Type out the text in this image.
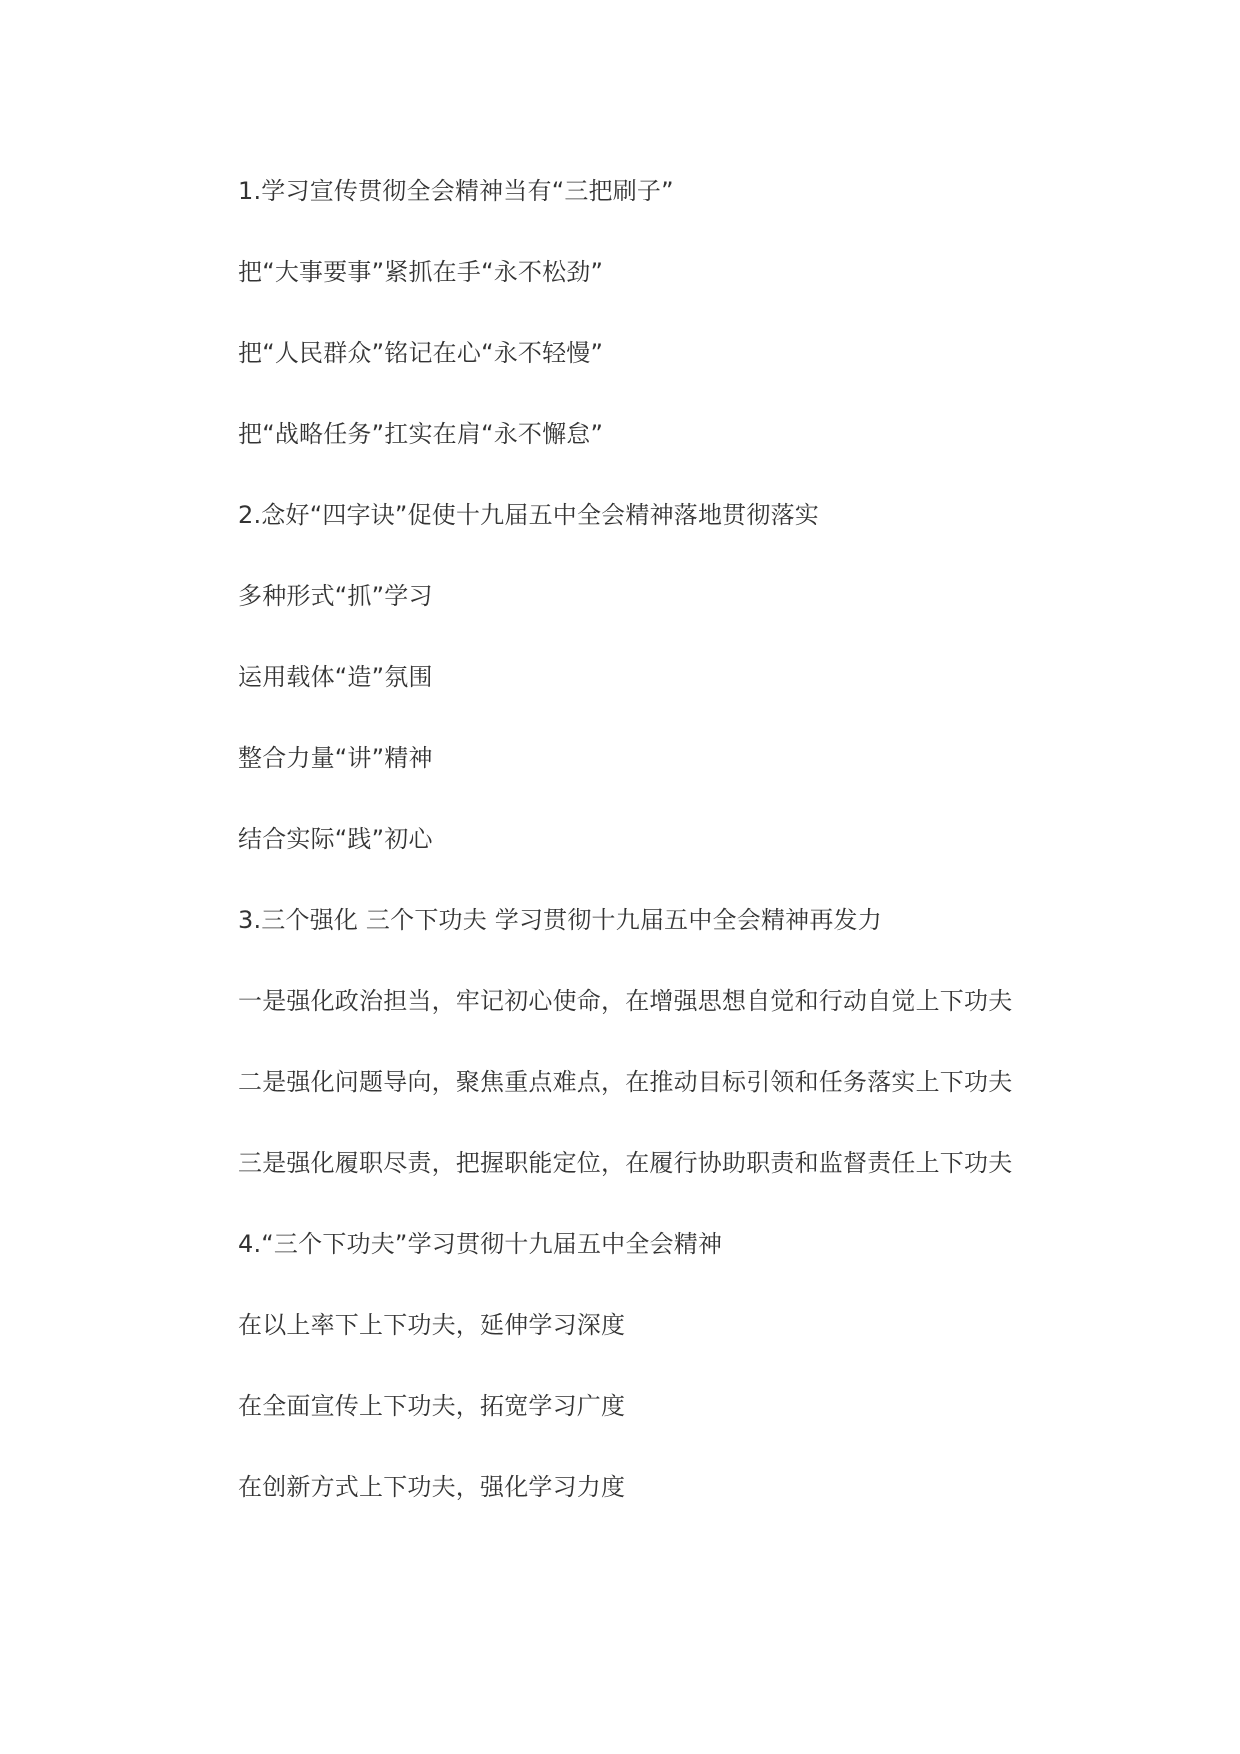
1.学习宣传贯彻全会精神当有“三把刷子”
把“大事要事”紧抓在手“永不松劲”
把“人民群众”铭记在心“永不轻慢”
把“战略任务”扛实在肩“永不懈怠”
2.念好“四字诀”促使十九届五中全会精神落地贯彻落实
多种形式“抓”学习
运用载体“造”氛围
整合力量“讲”精神
结合实际“践”初心
3.三个强化 三个下功夫 学习贯彻十九届五中全会精神再发力
一是强化政治担当，牢记初心使命，在增强思想自觉和行动自觉上下功夫
二是强化问题导向，聚焦重点难点，在推动目标引领和任务落实上下功夫
三是强化履职尽责，把握职能定位，在履行协助职责和监督责任上下功夫
4.“三个下功夫”学习贯彻十九届五中全会精神
在以上率下上下功夫，延伸学习深度
在全面宣传上下功夫，拓宽学习广度
在创新方式上下功夫，强化学习力度
